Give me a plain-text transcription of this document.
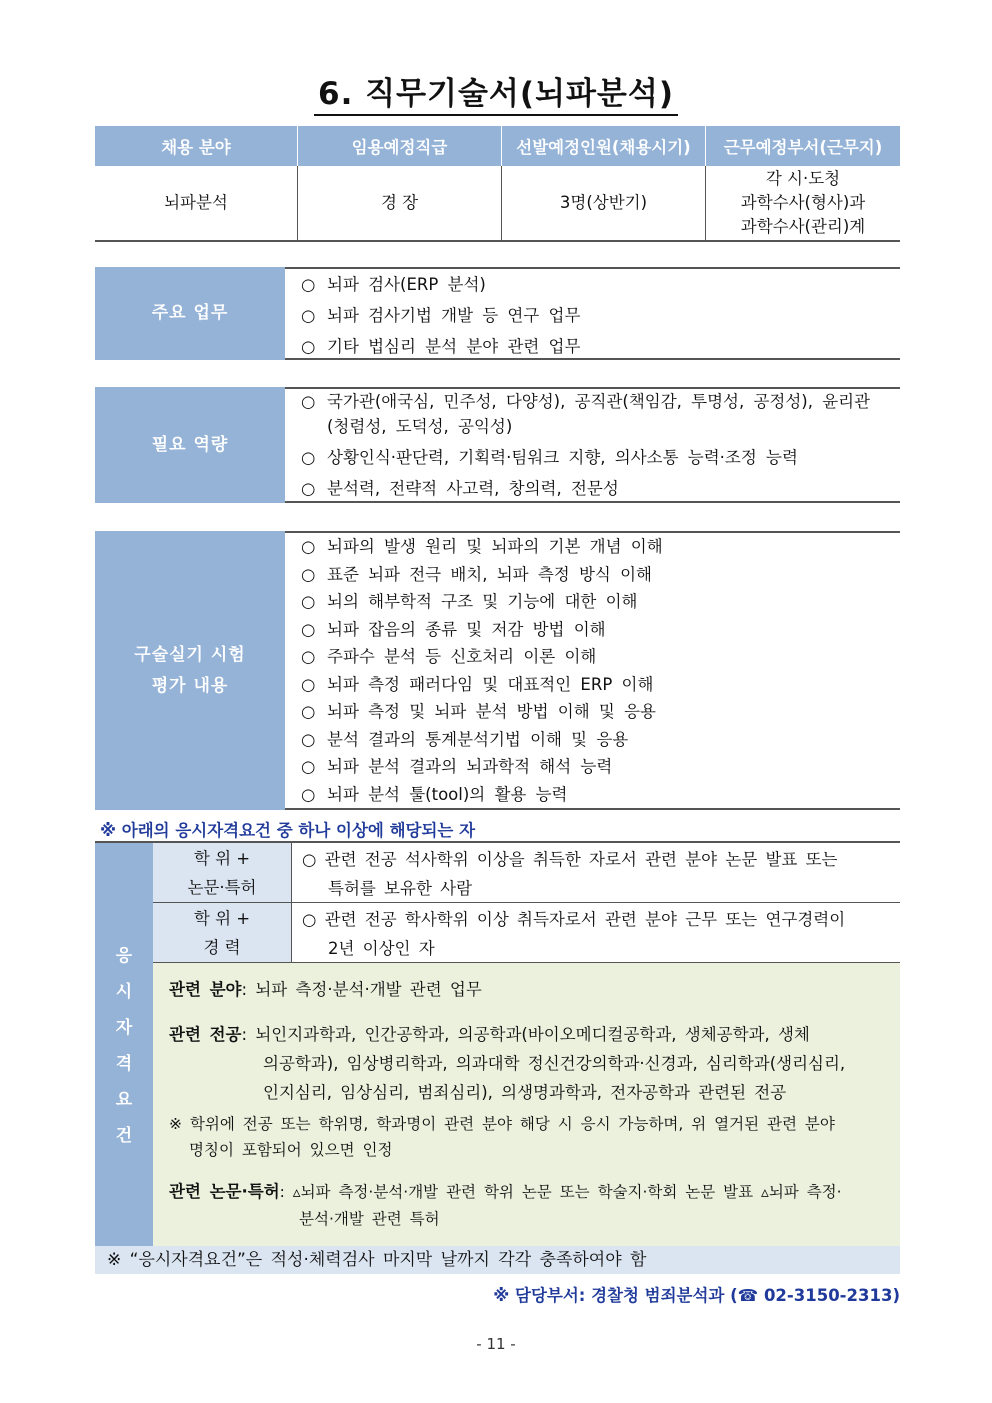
6. 직무기술서(뇌파분석)
채용 분야	임용예정직급	선발예정인원(채용시기)	근무예정부서(근무지)
뇌파분석	경 장	3명(상반기)	각 시·도청
과학수사(형사)과
과학수사(관리)계
주요 업무
○ 뇌파 검사(ERP 분석)
○ 뇌파 검사기법 개발 등 연구 업무
○ 기타 법심리 분석 분야 관련 업무
필요 역량
○ 국가관(애국심, 민주성, 다양성), 공직관(책임감, 투명성, 공정성), 윤리관
(청렴성, 도덕성, 공익성)
○ 상황인식·판단력, 기획력·팀워크 지향, 의사소통 능력·조정 능력
○ 분석력, 전략적 사고력, 창의력, 전문성
구술실기 시험
평가 내용
○ 뇌파의 발생 원리 및 뇌파의 기본 개념 이해
○ 표준 뇌파 전극 배치, 뇌파 측정 방식 이해
○ 뇌의 해부학적 구조 및 기능에 대한 이해
○ 뇌파 잡음의 종류 및 저감 방법 이해
○ 주파수 분석 등 신호처리 이론 이해
○ 뇌파 측정 패러다임 및 대표적인 ERP 이해
○ 뇌파 측정 및 뇌파 분석 방법 이해 및 응용
○ 분석 결과의 통계분석기법 이해 및 응용
○ 뇌파 분석 결과의 뇌과학적 해석 능력
○ 뇌파 분석 툴(tool)의 활용 능력
※ 아래의 응시자격요건 중 하나 이상에 해당되는 자
응
시
자
격
요
건
학 위 +
논문·특허
○ 관련 전공 석사학위 이상을 취득한 자로서 관련 분야 논문 발표 또는
특허를 보유한 사람
학 위 +
경 력
○ 관련 전공 학사학위 이상 취득자로서 관련 분야 근무 또는 연구경력이
2년 이상인 자
관련 분야: 뇌파 측정·분석·개발 관련 업무
관련 전공: 뇌인지과학과, 인간공학과, 의공학과(바이오메디컬공학과, 생체공학과, 생체
의공학과), 임상병리학과, 의과대학 정신건강의학과·신경과, 심리학과(생리심리,
인지심리, 임상심리, 범죄심리), 의생명과학과, 전자공학과 관련된 전공
※ 학위에 전공 또는 학위명, 학과명이 관련 분야 해당 시 응시 가능하며, 위 열거된 관련 분야
명칭이 포함되어 있으면 인정
관련 논문·특허: ▵뇌파 측정·분석·개발 관련 학위 논문 또는 학술지·학회 논문 발표 ▵뇌파 측정·
분석·개발 관련 특허
※ “응시자격요건”은 적성·체력검사 마지막 날까지 각각 충족하여야 함
※ 담당부서: 경찰청 범죄분석과 (☎ 02-3150-2313)
- 11 -
